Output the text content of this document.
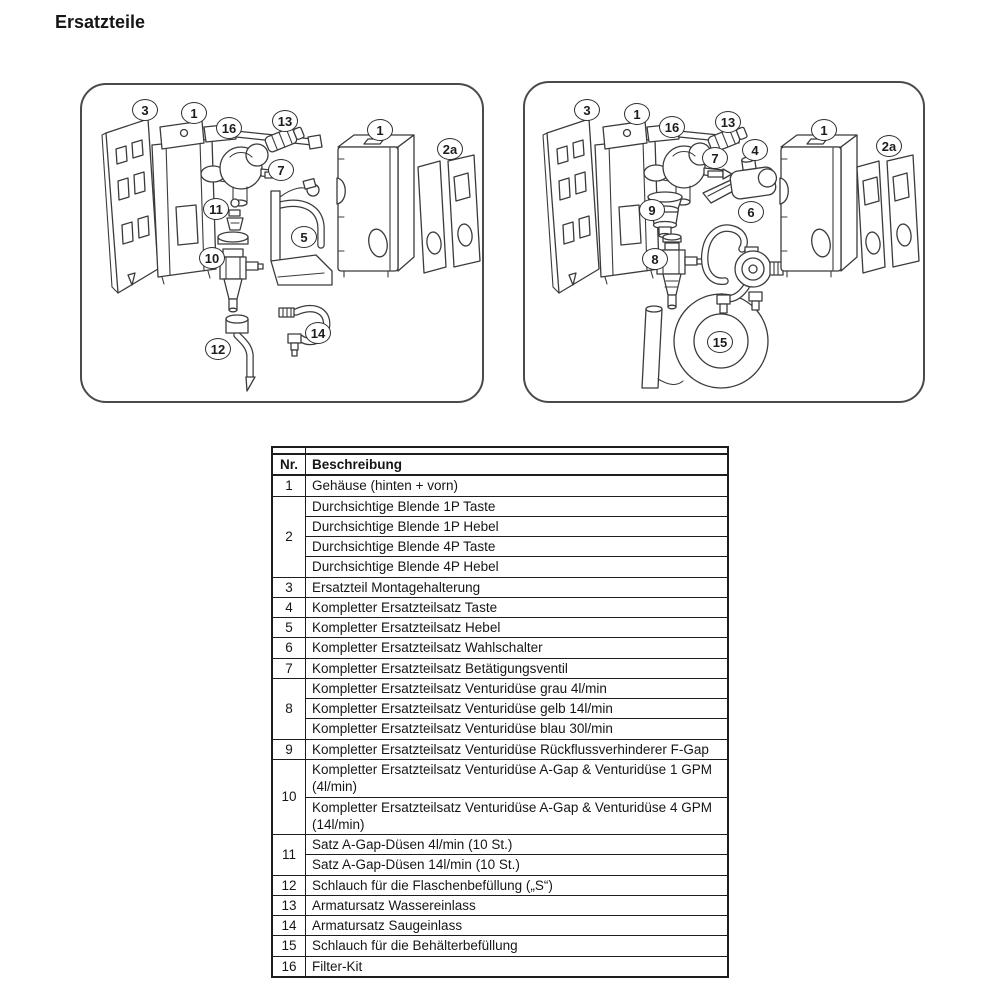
Ersatzteile
3	1
16	13
7
11
10
5
12
14
1
2a
3	1
16	13
7
4
9	6
8
15
1
2a

Nr.	Beschreibung
1	Gehäuse (hinten + vorn)
2	Durchsichtige Blende 1P Taste
	Durchsichtige Blende 1P Hebel
	Durchsichtige Blende 4P Taste
	Durchsichtige Blende 4P Hebel
3	Ersatzteil Montagehalterung
4	Kompletter Ersatzteilsatz Taste
5	Kompletter Ersatzteilsatz Hebel
6	Kompletter Ersatzteilsatz Wahlschalter
7	Kompletter Ersatzteilsatz Betätigungsventil
8	Kompletter Ersatzteilsatz Venturidüse grau 4l/min
	Kompletter Ersatzteilsatz Venturidüse gelb 14l/min
	Kompletter Ersatzteilsatz Venturidüse blau 30l/min
9	Kompletter Ersatzteilsatz Venturidüse Rückflussverhinderer F-Gap
10	Kompletter Ersatzteilsatz Venturidüse A-Gap & Venturidüse 1 GPM (4l/min)
	Kompletter Ersatzteilsatz Venturidüse A-Gap & Venturidüse 4 GPM (14l/min)
11	Satz A-Gap-Düsen 4l/min (10 St.)
	Satz A-Gap-Düsen 14l/min (10 St.)
12	Schlauch für die Flaschenbefüllung („S“)
13	Armatursatz Wassereinlass
14	Armatursatz Saugeinlass
15	Schlauch für die Behälterbefüllung
16	Filter-Kit
